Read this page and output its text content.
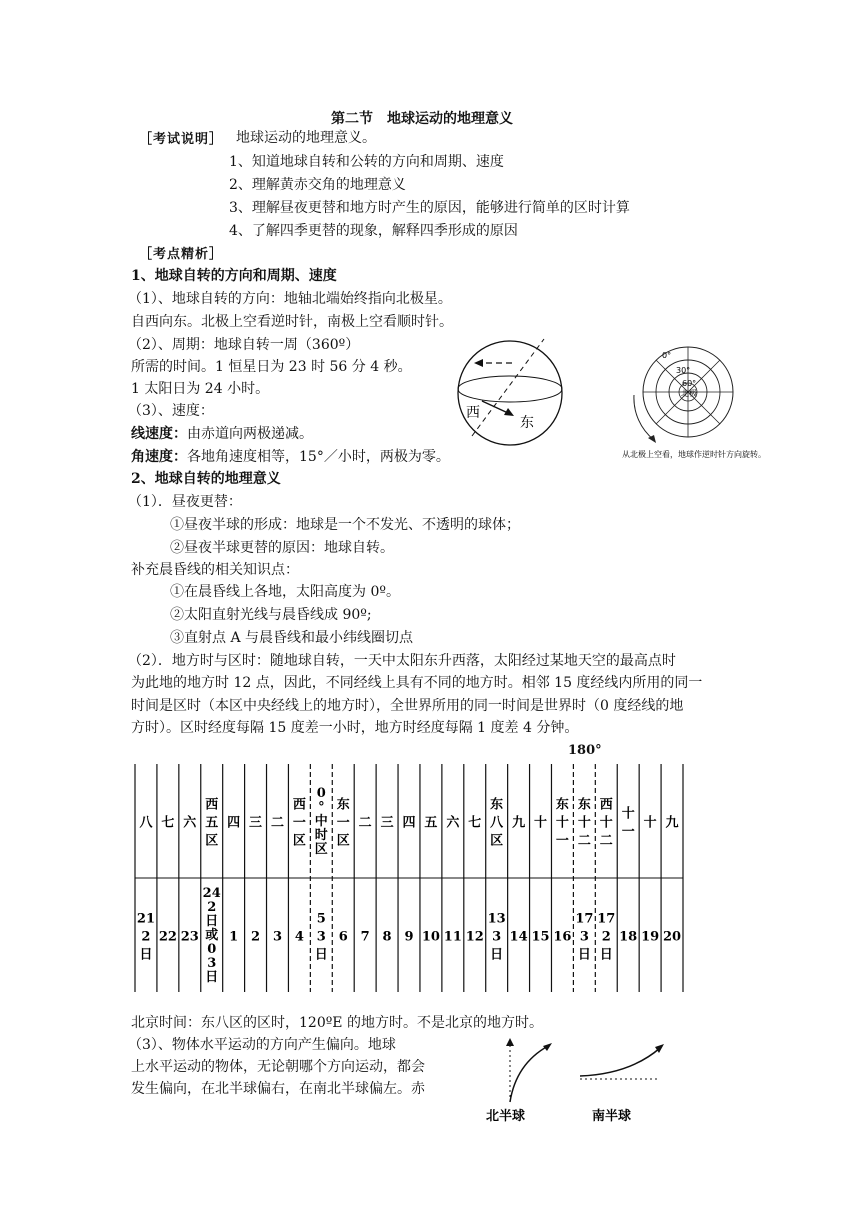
第二节　地球运动的地理意义
［考试说明］ 地球运动的地理意义。
1、知道地球自转和公转的方向和周期、速度
2、理解黄赤交角的地理意义
3、理解昼夜更替和地方时产生的原因，能够进行简单的区时计算
4、了解四季更替的现象，解释四季形成的原因
［考点精析］
1、地球自转的方向和周期、速度
（1）、地球自转的方向：地轴北端始终指向北极星。
自西向东。北极上空看逆时针，南极上空看顺时针。
（2）、周期：地球自转一周（360º）
所需的时间。1 恒星日为 23 时 56 分 4 秒。
1 太阳日为 24 小时。
（3）、速度：
线速度：由赤道向两极递减。
角速度：各地角速度相等，15°／小时，两极为零。
西
东
0°
30°
60°
北极
从北极上空看，地球作逆时针方向旋转。
2、地球自转的地理意义
（1）．昼夜更替：
①昼夜半球的形成：地球是一个不发光、不透明的球体；
②昼夜半球更替的原因：地球自转。
补充晨昏线的相关知识点：
①在晨昏线上各地，太阳高度为 0º。
②太阳直射光线与晨昏线成 90º;
③直射点 A 与晨昏线和最小纬线圈切点
（2）．地方时与区时：随地球自转，一天中太阳东升西落，太阳经过某地天空的最高点时
为此地的地方时 12 点，因此，不同经线上具有不同的地方时。相邻 15 度经线内所用的同一
时间是区时（本区中央经线上的地方时），全世界所用的同一时间是世界时（0 度经线的地
方时）。区时经度每隔 15 度差一小时，地方时经度每隔 1 度差 4 分钟。
180°
八
21 2 日
七
22
六
23
西五区
24 2 日或 0 3 日
四
1
三
2
二
3
西一区
4
0 °中时区
5 3 日
东一区
6
二
7
三
8
四
9
五
10
六
11
七
12
东八区
13 3 日
九
14
十
15
东十一
16
东十二
17 3 日
西十二
17 2 日
十一
18
十
19
九
20
北京时间：东八区的区时，120ºE 的地方时。不是北京的地方时。
（3）、物体水平运动的方向产生偏向。地球
上水平运动的物体，无论朝哪个方向运动，都会
发生偏向，在北半球偏右，在南北半球偏左。赤
北半球	南半球
